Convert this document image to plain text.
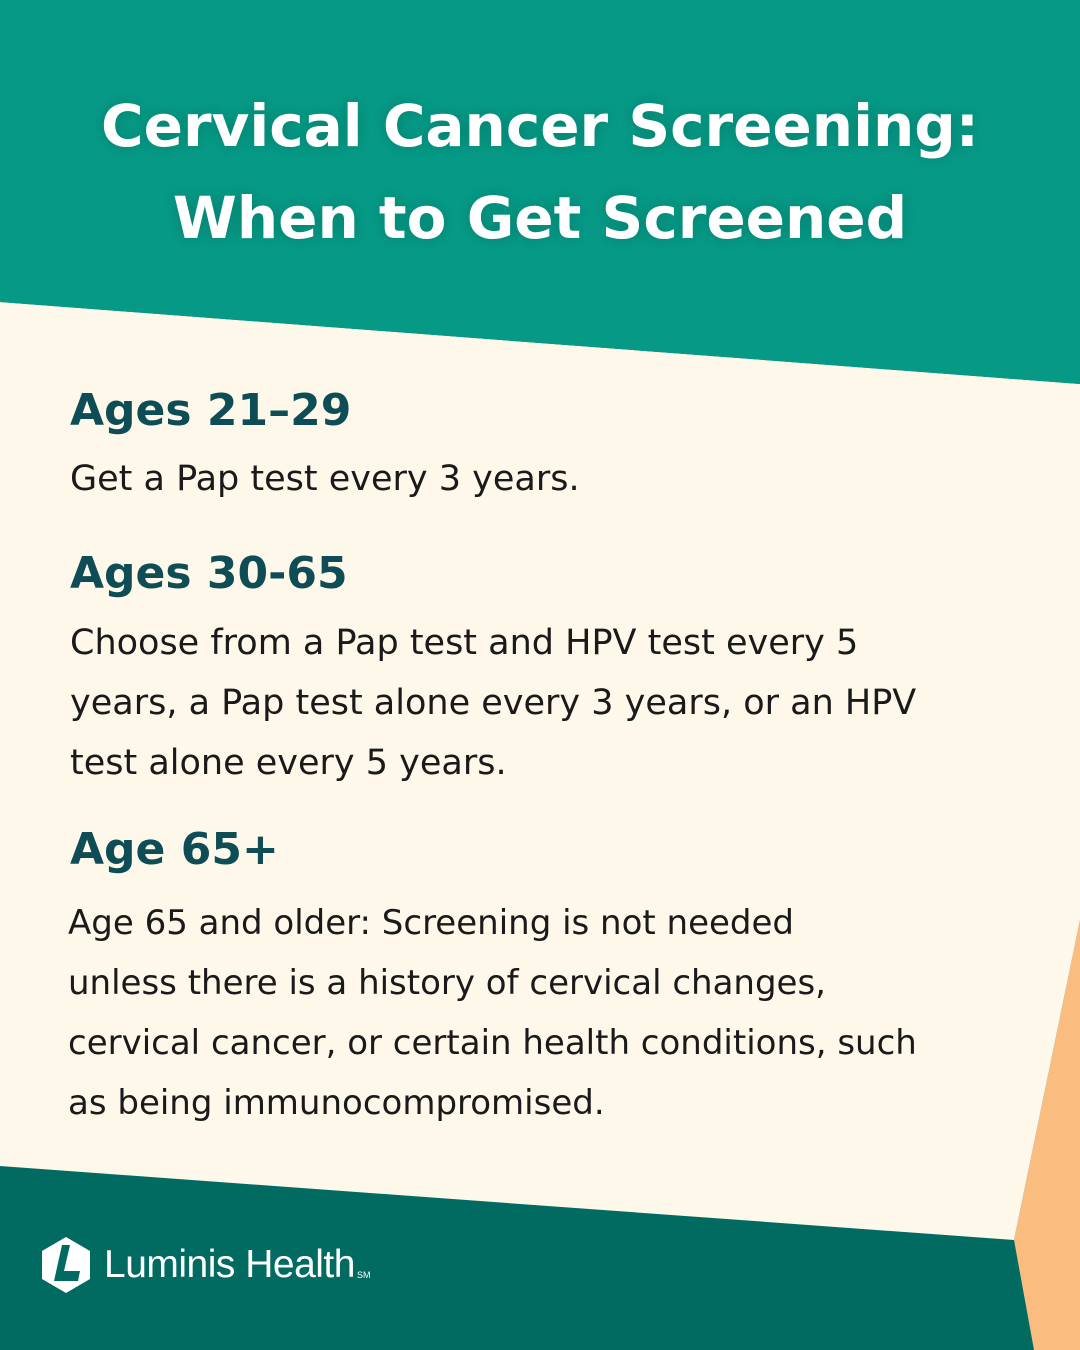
Cervical Cancer Screening:
When to Get Screened
Ages 21–29
Get a Pap test every 3 years.
Ages 30-65
Choose from a Pap test and HPV test every 5
years, a Pap test alone every 3 years, or an HPV
test alone every 5 years.
Age 65+
Age 65 and older: Screening is not needed
unless there is a history of cervical changes,
cervical cancer, or certain health conditions, such
as being immunocompromised.
Luminis Health SM
